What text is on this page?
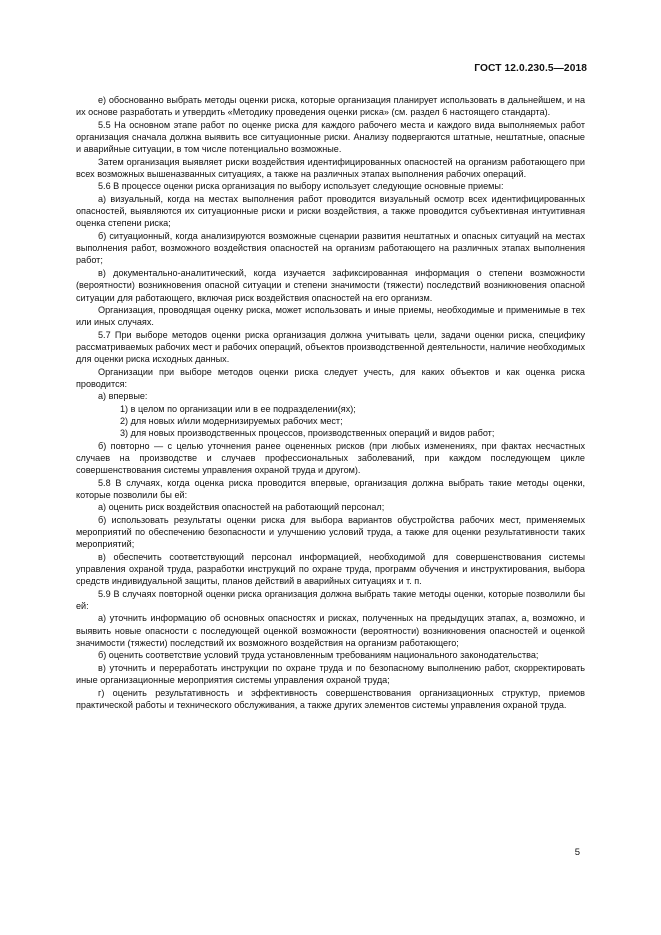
ГОСТ 12.0.230.5—2018

е) обоснованно выбрать методы оценки риска, которые организация планирует использовать в дальнейшем, и на их основе разработать и утвердить «Методику проведения оценки риска» (см. раздел 6 настоящего стандарта).

5.5 На основном этапе работ по оценке риска для каждого рабочего места и каждого вида выполняемых работ организация сначала должна выявить все ситуационные риски. Анализу подвергаются штатные, нештатные, опасные и аварийные ситуации, в том числе потенциально возможные.

Затем организация выявляет риски воздействия идентифицированных опасностей на организм работающего при всех возможных вышеназванных ситуациях, а также на различных этапах выполнения рабочих операций.

5.6 В процессе оценки риска организация по выбору использует следующие основные приемы:

а) визуальный, когда на местах выполнения работ проводится визуальный осмотр всех идентифицированных опасностей, выявляются их ситуационные риски и риски воздействия, а также проводится субъективная интуитивная оценка степени риска;

б) ситуационный, когда анализируются возможные сценарии развития нештатных и опасных ситуаций на местах выполнения работ, возможного воздействия опасностей на организм работающего на различных этапах выполнения работ;

в) документально-аналитический, когда изучается зафиксированная информация о степени возможности (вероятности) возникновения опасной ситуации и степени значимости (тяжести) последствий возникновения опасной ситуации для работающего, включая риск воздействия опасностей на его организм.

Организация, проводящая оценку риска, может использовать и иные приемы, необходимые и применимые в тех или иных случаях.

5.7 При выборе методов оценки риска организация должна учитывать цели, задачи оценки риска, специфику рассматриваемых рабочих мест и рабочих операций, объектов производственной деятельности, наличие необходимых для оценки риска исходных данных.

Организации при выборе методов оценки риска следует учесть, для каких объектов и как оценка риска проводится:

а) впервые:

1) в целом по организации или в ее подразделении(ях);

2) для новых и/или модернизируемых рабочих мест;

3) для новых производственных процессов, производственных операций и видов работ;

б) повторно — с целью уточнения ранее оцененных рисков (при любых изменениях, при фактах несчастных случаев на производстве и случаев профессиональных заболеваний, при каждом последующем цикле совершенствования системы управления охраной труда и другом).

5.8 В случаях, когда оценка риска проводится впервые, организация должна выбрать такие методы оценки, которые позволили бы ей:

а) оценить риск воздействия опасностей на работающий персонал;

б) использовать результаты оценки риска для выбора вариантов обустройства рабочих мест, применяемых мероприятий по обеспечению безопасности и улучшению условий труда, а также для оценки результативности таких мероприятий;

в) обеспечить соответствующий персонал информацией, необходимой для совершенствования системы управления охраной труда, разработки инструкций по охране труда, программ обучения и инструктирования, выбора средств индивидуальной защиты, планов действий в аварийных ситуациях и т. п.

5.9 В случаях повторной оценки риска организация должна выбрать такие методы оценки, которые позволили бы ей:

а) уточнить информацию об основных опасностях и рисках, полученных на предыдущих этапах, а, возможно, и выявить новые опасности с последующей оценкой возможности (вероятности) возникновения опасностей и оценкой значимости (тяжести) последствий их возможного воздействия на организм работающего;

б) оценить соответствие условий труда установленным требованиям национального законодательства;

в) уточнить и переработать инструкции по охране труда и по безопасному выполнению работ, скорректировать иные организационные мероприятия системы управления охраной труда;

г) оценить результативность и эффективность совершенствования организационных структур, приемов практической работы и технического обслуживания, а также других элементов системы управления охраной труда.

5
